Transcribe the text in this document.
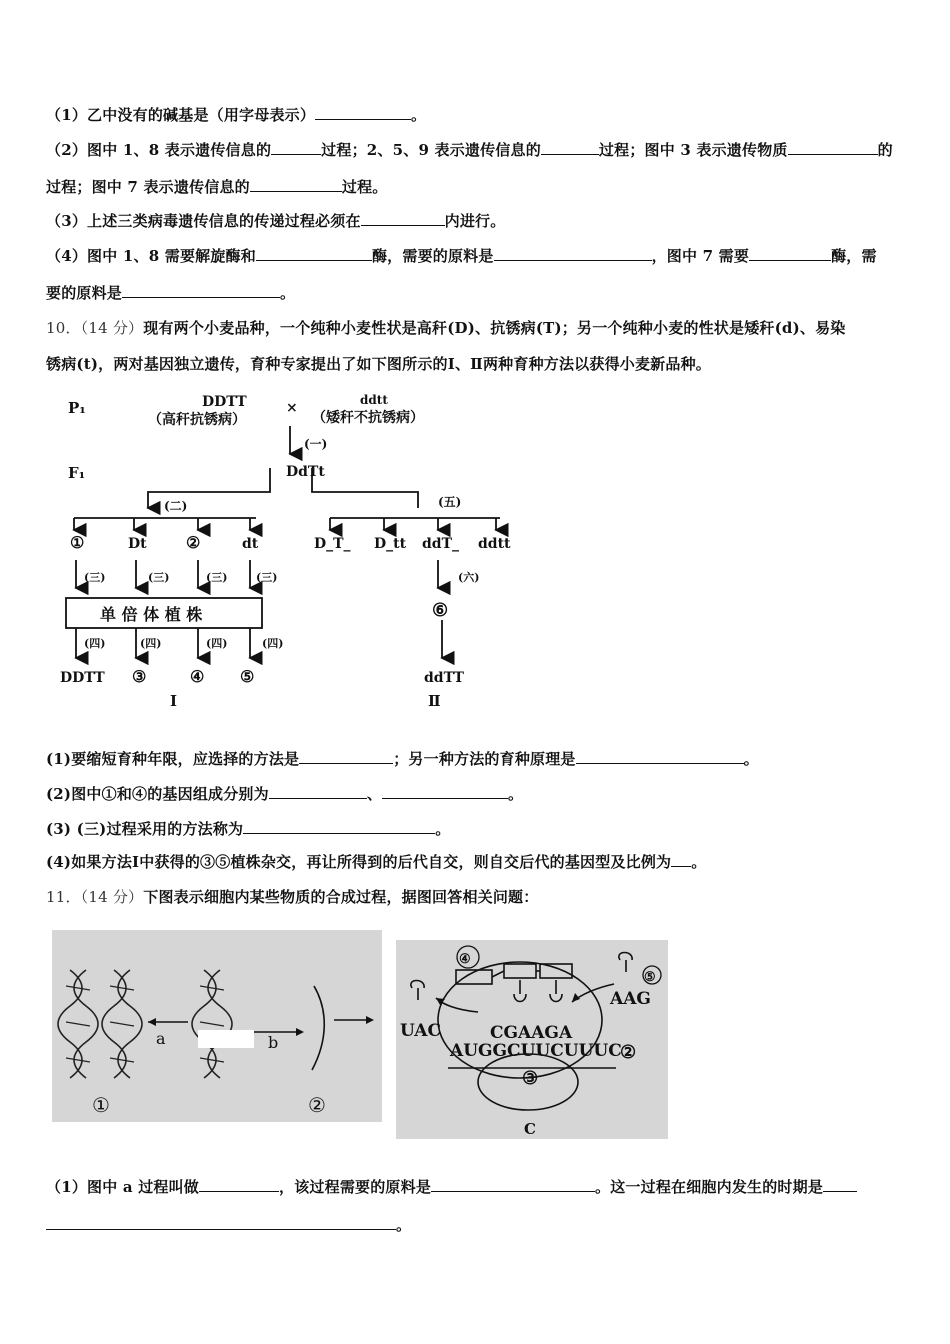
（1）乙中没有的碱基是（用字母表示）	。
（2）图中 1、8 表示遗传信息的	过程；2、5、9 表示遗传信息的	过程；图中 3 表示遗传物质	的
过程；图中 7 表示遗传信息的	过程。
（3）上述三类病毒遗传信息的传递过程必须在	内进行。
（4）图中 1、8 需要解旋酶和	酶，需要的原料是	，图中 7 需要	酶，需
要的原料是	。
10．（14 分）现有两个小麦品种，一个纯种小麦性状是高秆(D)、抗锈病(T)；另一个纯种小麦的性状是矮秆(d)、易染
锈病(t)，两对基因独立遗传，育种专家提出了如下图所示的Ⅰ、Ⅱ两种育种方法以获得小麦新品种。
P₁
F₁
DDTT
（高秆抗锈病）
×	ddtt
（矮秆不抗锈病）
(一)
DdTt
(二)	(五)
①	Dt ②	dt
(三)	(三)	(三)	(三)
单 倍 体 植 株
(四)	(四)	(四)	(四)
DDTT ③	④ ⑤
Ⅰ
D_T_ D_tt ddT_ ddtt
(六)
⑥
ddTT
Ⅱ
(1)要缩短育种年限，应选择的方法是	；另一种方法的育种原理是	。
(2)图中①和④的基因组成分别为	、	。
(3) (三)过程采用的方法称为	。
(4)如果方法Ⅰ中获得的③⑤植株杂交，再让所得到的后代自交，则自交后代的基因型及比例为 。
11．（14 分）下图表示细胞内某些物质的合成过程，据图回答相关问题：
a	b
①	②
④
⑤
UAC
AAG
CGAAGA
AUGGCUUCUUUC
②
③
C
（1）图中 a 过程叫做	，该过程需要的原料是	。这一过程在细胞内发生的时期是
。
